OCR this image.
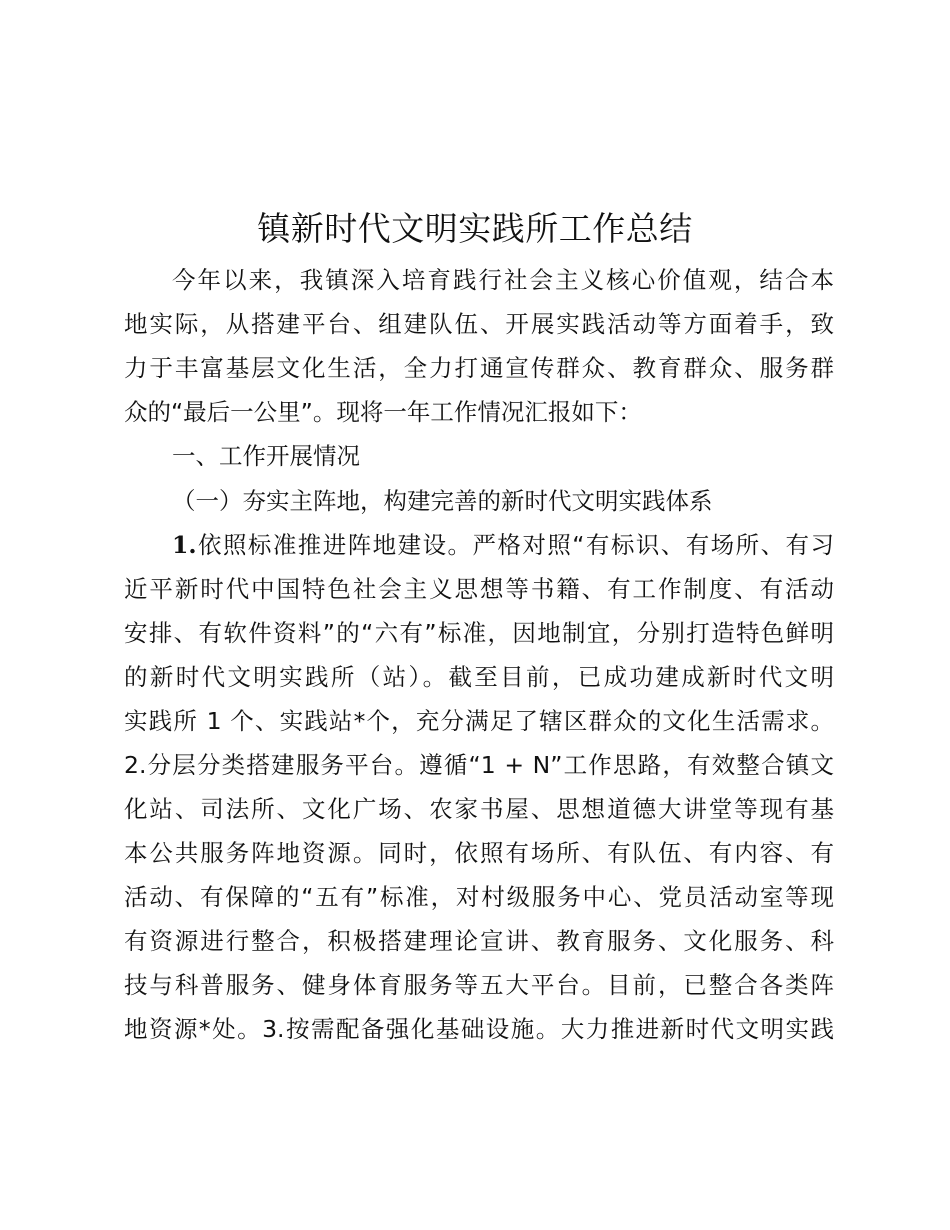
镇新时代文明实践所工作总结

今年以来，我镇深入培育践行社会主义核心价值观，结合本

地实际，从搭建平台、组建队伍、开展实践活动等方面着手，致

力于丰富基层文化生活，全力打通宣传群众、教育群众、服务群

众的“最后一公里”。现将一年工作情况汇报如下：

一、工作开展情况

（一）夯实主阵地，构建完善的新时代文明实践体系

1.依照标准推进阵地建设。严格对照“有标识、有场所、有习

近平新时代中国特色社会主义思想等书籍、有工作制度、有活动

安排、有软件资料”的“六有”标准，因地制宜，分别打造特色鲜明

的新时代文明实践所（站）。截至目前，已成功建成新时代文明

实践所 1 个、实践站*个，充分满足了辖区群众的文化生活需求。

2.分层分类搭建服务平台。遵循“1 + N”工作思路，有效整合镇文

化站、司法所、文化广场、农家书屋、思想道德大讲堂等现有基

本公共服务阵地资源。同时，依照有场所、有队伍、有内容、有

活动、有保障的“五有”标准，对村级服务中心、党员活动室等现

有资源进行整合，积极搭建理论宣讲、教育服务、文化服务、科

技与科普服务、健身体育服务等五大平台。目前，已整合各类阵

地资源*处。3.按需配备强化基础设施。大力推进新时代文明实践
